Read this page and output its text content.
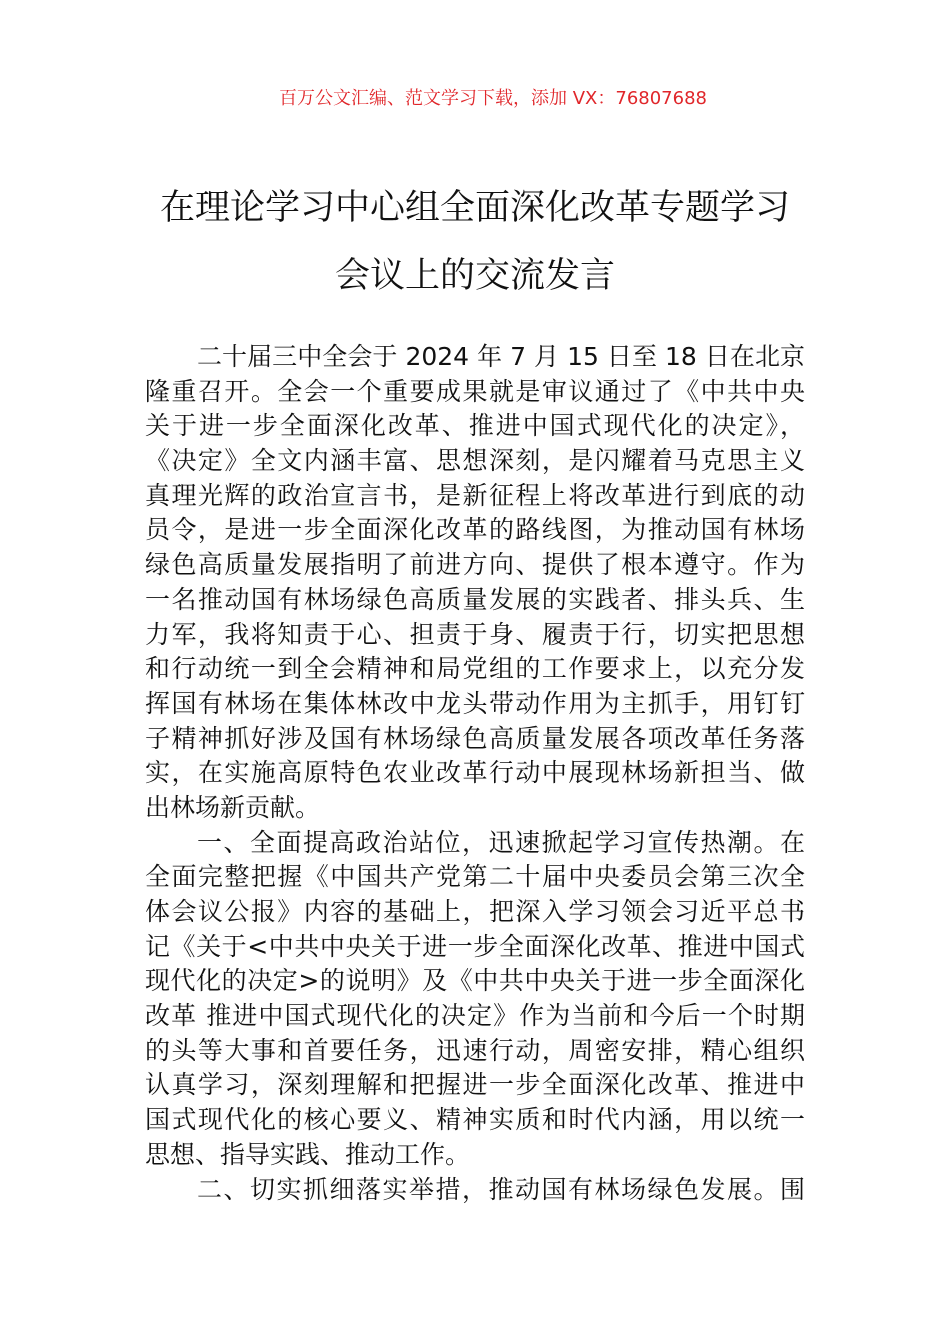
百万公文汇编、范文学习下载，添加 VX：76807688
在理论学习中心组全面深化改革专题学习
会议上的交流发言
二十届三中全会于 2024 年 7 月 15 日至 18 日在北京
隆重召开。全会一个重要成果就是审议通过了《中共中央
关于进一步全面深化改革、推进中国式现代化的决定》，
《决定》全文内涵丰富、思想深刻，是闪耀着马克思主义
真理光辉的政治宣言书，是新征程上将改革进行到底的动
员令，是进一步全面深化改革的路线图，为推动国有林场
绿色高质量发展指明了前进方向、提供了根本遵守。作为
一名推动国有林场绿色高质量发展的实践者、排头兵、生
力军，我将知责于心、担责于身、履责于行，切实把思想
和行动统一到全会精神和局党组的工作要求上，以充分发
挥国有林场在集体林改中龙头带动作用为主抓手，用钉钉
子精神抓好涉及国有林场绿色高质量发展各项改革任务落
实，在实施高原特色农业改革行动中展现林场新担当、做
出林场新贡献。
一、全面提高政治站位，迅速掀起学习宣传热潮。在
全面完整把握《中国共产党第二十届中央委员会第三次全
体会议公报》内容的基础上，把深入学习领会习近平总书
记《关于<中共中央关于进一步全面深化改革、推进中国式
现代化的决定>的说明》及《中共中央关于进一步全面深化
改革 推进中国式现代化的决定》作为当前和今后一个时期
的头等大事和首要任务，迅速行动，周密安排，精心组织
认真学习，深刻理解和把握进一步全面深化改革、推进中
国式现代化的核心要义、精神实质和时代内涵，用以统一
思想、指导实践、推动工作。
二、切实抓细落实举措，推动国有林场绿色发展。围
